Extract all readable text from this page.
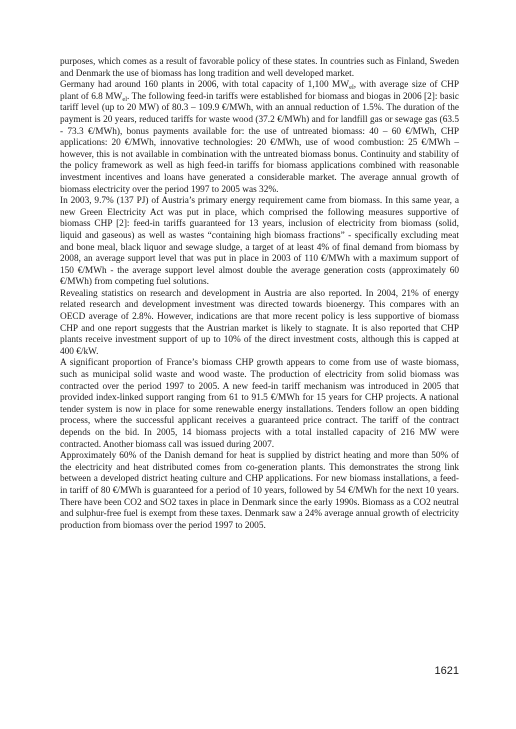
purposes, which comes as a result of favorable policy of these states. In countries such as Finland, Sweden and Denmark the use of biomass has long tradition and well developed market.

Germany had around 160 plants in 2006, with total capacity of 1,100 $MW_{el}$, with average size of CHP plant of 6.8 $MW_{el}$. The following feed-in tariffs were established for biomass and biogas in 2006 [2]: basic tariff level (up to 20 MW) of 80.3 – 109.9 €/MWh, with an annual reduction of 1.5%. The duration of the payment is 20 years, reduced tariffs for waste wood (37.2 €/MWh) and for landfill gas or sewage gas (63.5 - 73.3 €/MWh), bonus payments available for: the use of untreated biomass: 40 – 60 €/MWh, CHP applications: 20 €/MWh, innovative technologies: 20 €/MWh, use of wood combustion: 25 €/MWh – however, this is not available in combination with the untreated biomass bonus. Continuity and stability of the policy framework as well as high feed-in tariffs for biomass applications combined with reasonable investment incentives and loans have generated a considerable market. The average annual growth of biomass electricity over the period 1997 to 2005 was 32%.

In 2003, 9.7% (137 PJ) of Austria’s primary energy requirement came from biomass. In this same year, a new Green Electricity Act was put in place, which comprised the following measures supportive of biomass CHP [2]: feed-in tariffs guaranteed for 13 years, inclusion of electricity from biomass (solid, liquid and gaseous) as well as wastes “containing high biomass fractions” - specifically excluding meat and bone meal, black liquor and sewage sludge, a target of at least 4% of final demand from biomass by 2008, an average support level that was put in place in 2003 of 110 €/MWh with a maximum support of 150 €/MWh - the average support level almost double the average generation costs (approximately 60 €/MWh) from competing fuel solutions.

Revealing statistics on research and development in Austria are also reported. In 2004, 21% of energy related research and development investment was directed towards bioenergy. This compares with an OECD average of 2.8%. However, indications are that more recent policy is less supportive of biomass CHP and one report suggests that the Austrian market is likely to stagnate. It is also reported that CHP plants receive investment support of up to 10% of the direct investment costs, although this is capped at 400 €/kW.

A significant proportion of France’s biomass CHP growth appears to come from use of waste biomass, such as municipal solid waste and wood waste. The production of electricity from solid biomass was contracted over the period 1997 to 2005. A new feed-in tariff mechanism was introduced in 2005 that provided index-linked support ranging from 61 to 91.5 €/MWh for 15 years for CHP projects. A national tender system is now in place for some renewable energy installations. Tenders follow an open bidding process, where the successful applicant receives a guaranteed price contract. The tariff of the contract depends on the bid. In 2005, 14 biomass projects with a total installed capacity of 216 MW were contracted. Another biomass call was issued during 2007.

Approximately 60% of the Danish demand for heat is supplied by district heating and more than 50% of the electricity and heat distributed comes from co-generation plants. This demonstrates the strong link between a developed district heating culture and CHP applications. For new biomass installations, a feed-in tariff of 80 €/MWh is guaranteed for a period of 10 years, followed by 54 €/MWh for the next 10 years. There have been CO2 and SO2 taxes in place in Denmark since the early 1990s. Biomass as a CO2 neutral and sulphur-free fuel is exempt from these taxes. Denmark saw a 24% average annual growth of electricity production from biomass over the period 1997 to 2005.

1621
